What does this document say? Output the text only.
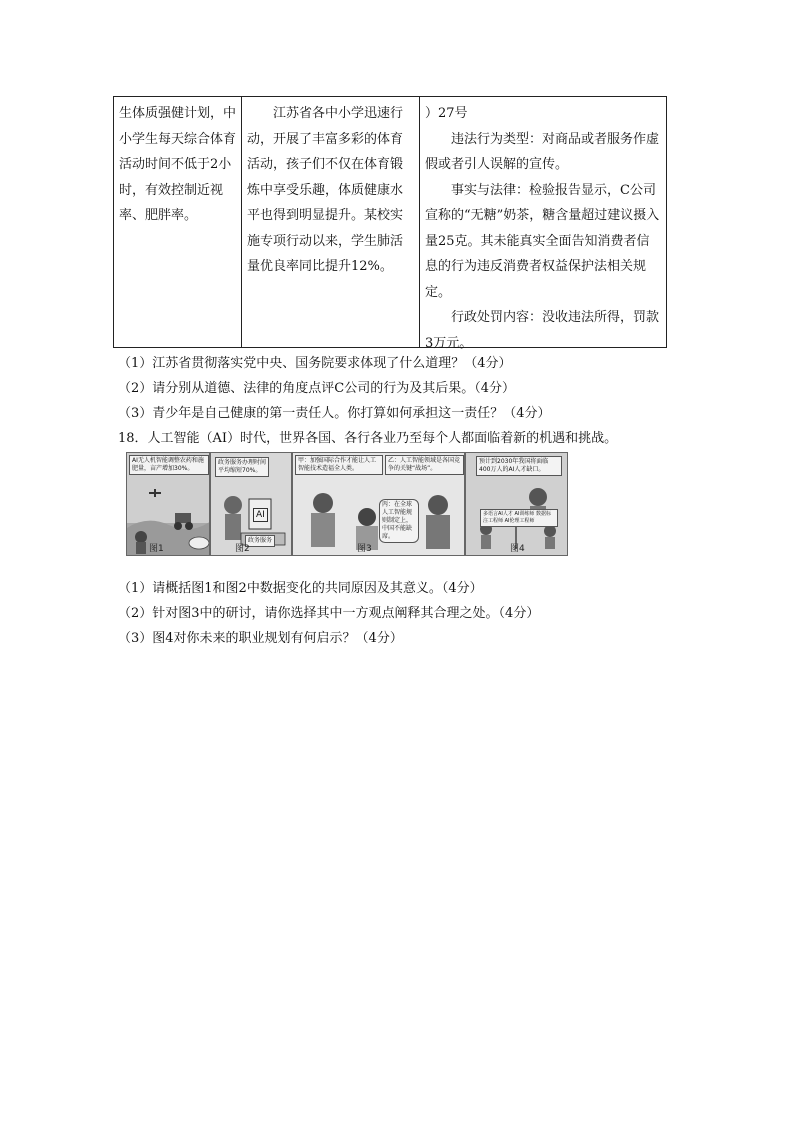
生体质强健计划，中小学生每天综合体育活动时间不低于2小时，有效控制近视率、肥胖率。

江苏省各中小学迅速行动，开展了丰富多彩的体育活动，孩子们不仅在体育锻炼中享受乐趣，体质健康水平也得到明显提升。某校实施专项行动以来，学生肺活量优良率同比提升12%。

）27号

违法行为类型：对商品或者服务作虚假或者引人误解的宣传。

事实与法律：检验报告显示，C公司宣称的“无糖”奶茶，糖含量超过建议摄入量25克。其未能真实全面告知消费者信息的行为违反消费者权益保护法相关规定。

行政处罚内容：没收违法所得，罚款3万元。

（1）江苏省贯彻落实党中央、国务院要求体现了什么道理？（4分）
（2）请分别从道德、法律的角度点评C公司的行为及其后果。（4分）
（3）青少年是自己健康的第一责任人。你打算如何承担这一责任？（4分）
18．人工智能（AI）时代，世界各国、各行各业乃至每个人都面临着新的机遇和挑战。
AI无人机智能调整农药和施肥量，亩产增加30%。
图1
政务服务办理时间平均缩短70%。
AI
政务服务
图2
甲：加强国际合作才能让人工智能技术造福全人类。
乙：人工智能领域是各国竞争的关键“战场”。
丙：在全球人工智能规则制定上，中国不能缺席。
图3
预计到2030年我国将面临400万人的AI人才缺口。
多语言AI人才 AI训练师 数据标注工程师 AI伦理工程师
图4
（1）请概括图1和图2中数据变化的共同原因及其意义。（4分）
（2）针对图3中的研讨，请你选择其中一方观点阐释其合理之处。（4分）
（3）图4对你未来的职业规划有何启示？（4分）
